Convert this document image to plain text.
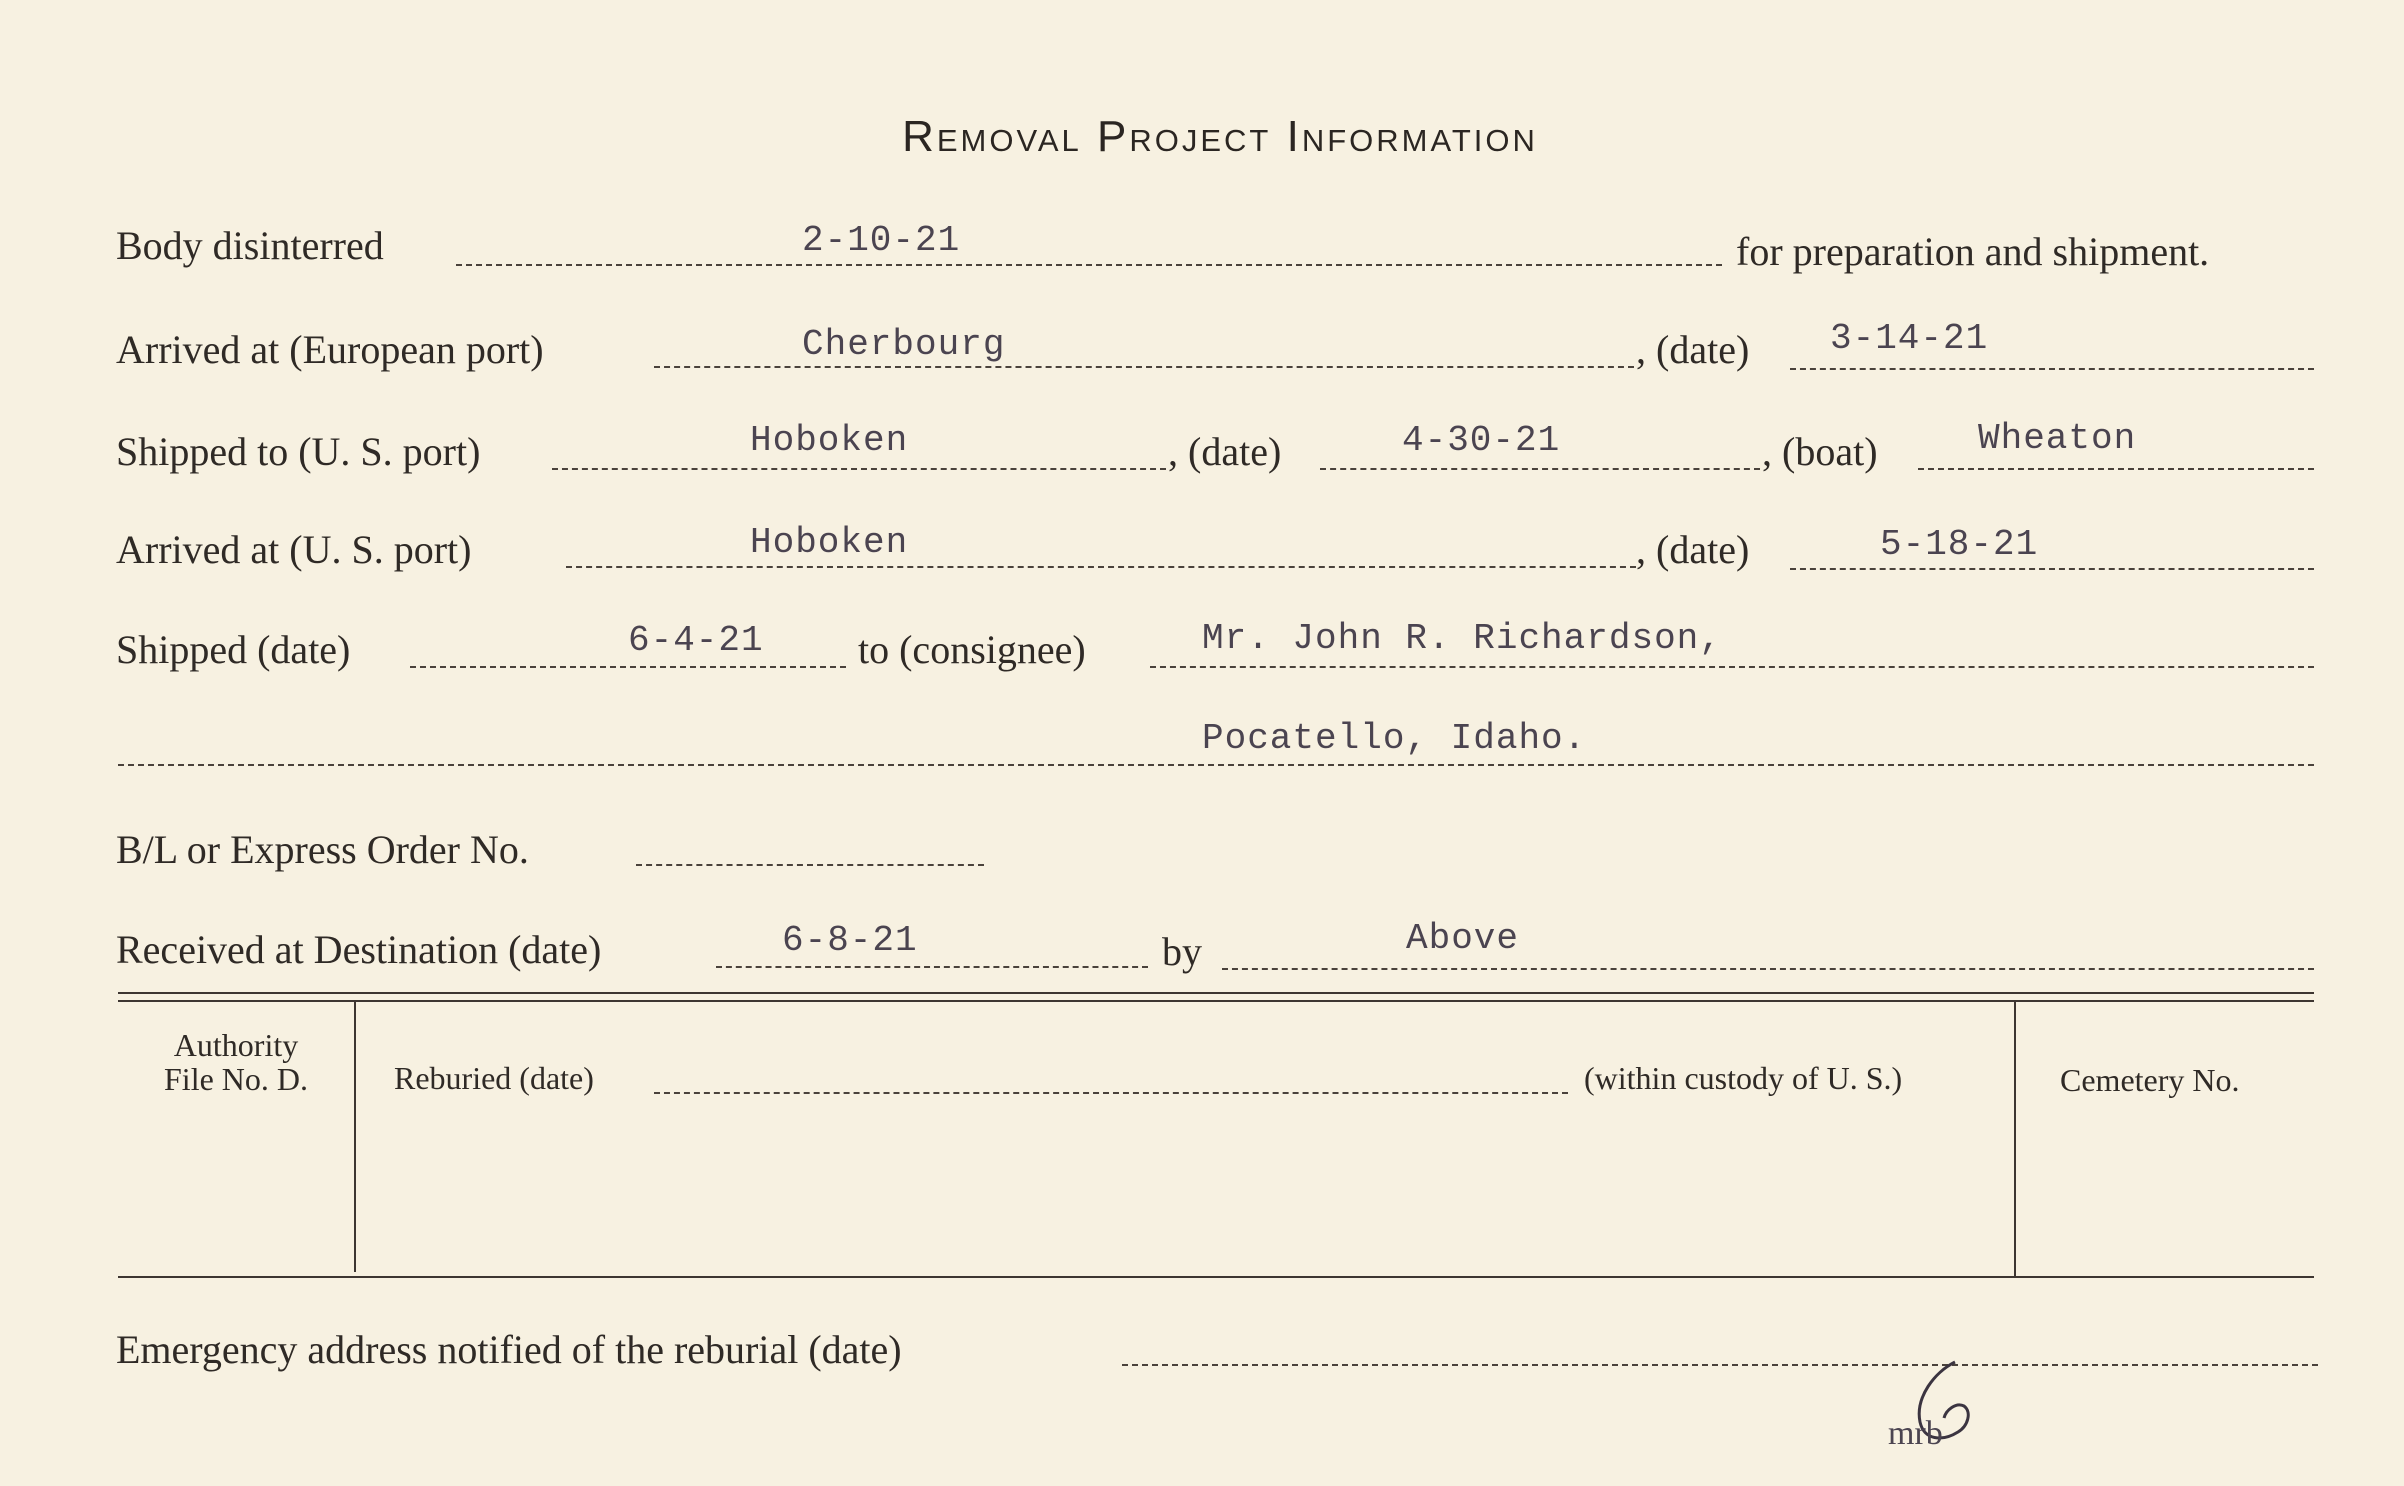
Removal Project Information
Body disinterred	2-10-21	for preparation and shipment.
Arrived at (European port)	Cherbourg	, (date) 3-14-21
Shipped to (U. S. port)	Hoboken	, (date)	4-30-21	, (boat)	Wheaton
Arrived at (U. S. port)	Hoboken	, (date)	5-18-21
Shipped (date)	6-4-21 to (consignee)	Mr. John R. Richardson,
Pocatello, Idaho.
B/L or Express Order No.
Received at Destination (date)	6-8-21	by	Above
Authority
File No. D.	Reburied (date)	(within custody of U. S.)	Cemetery No.
Emergency address notified of the reburial (date)
mrb
